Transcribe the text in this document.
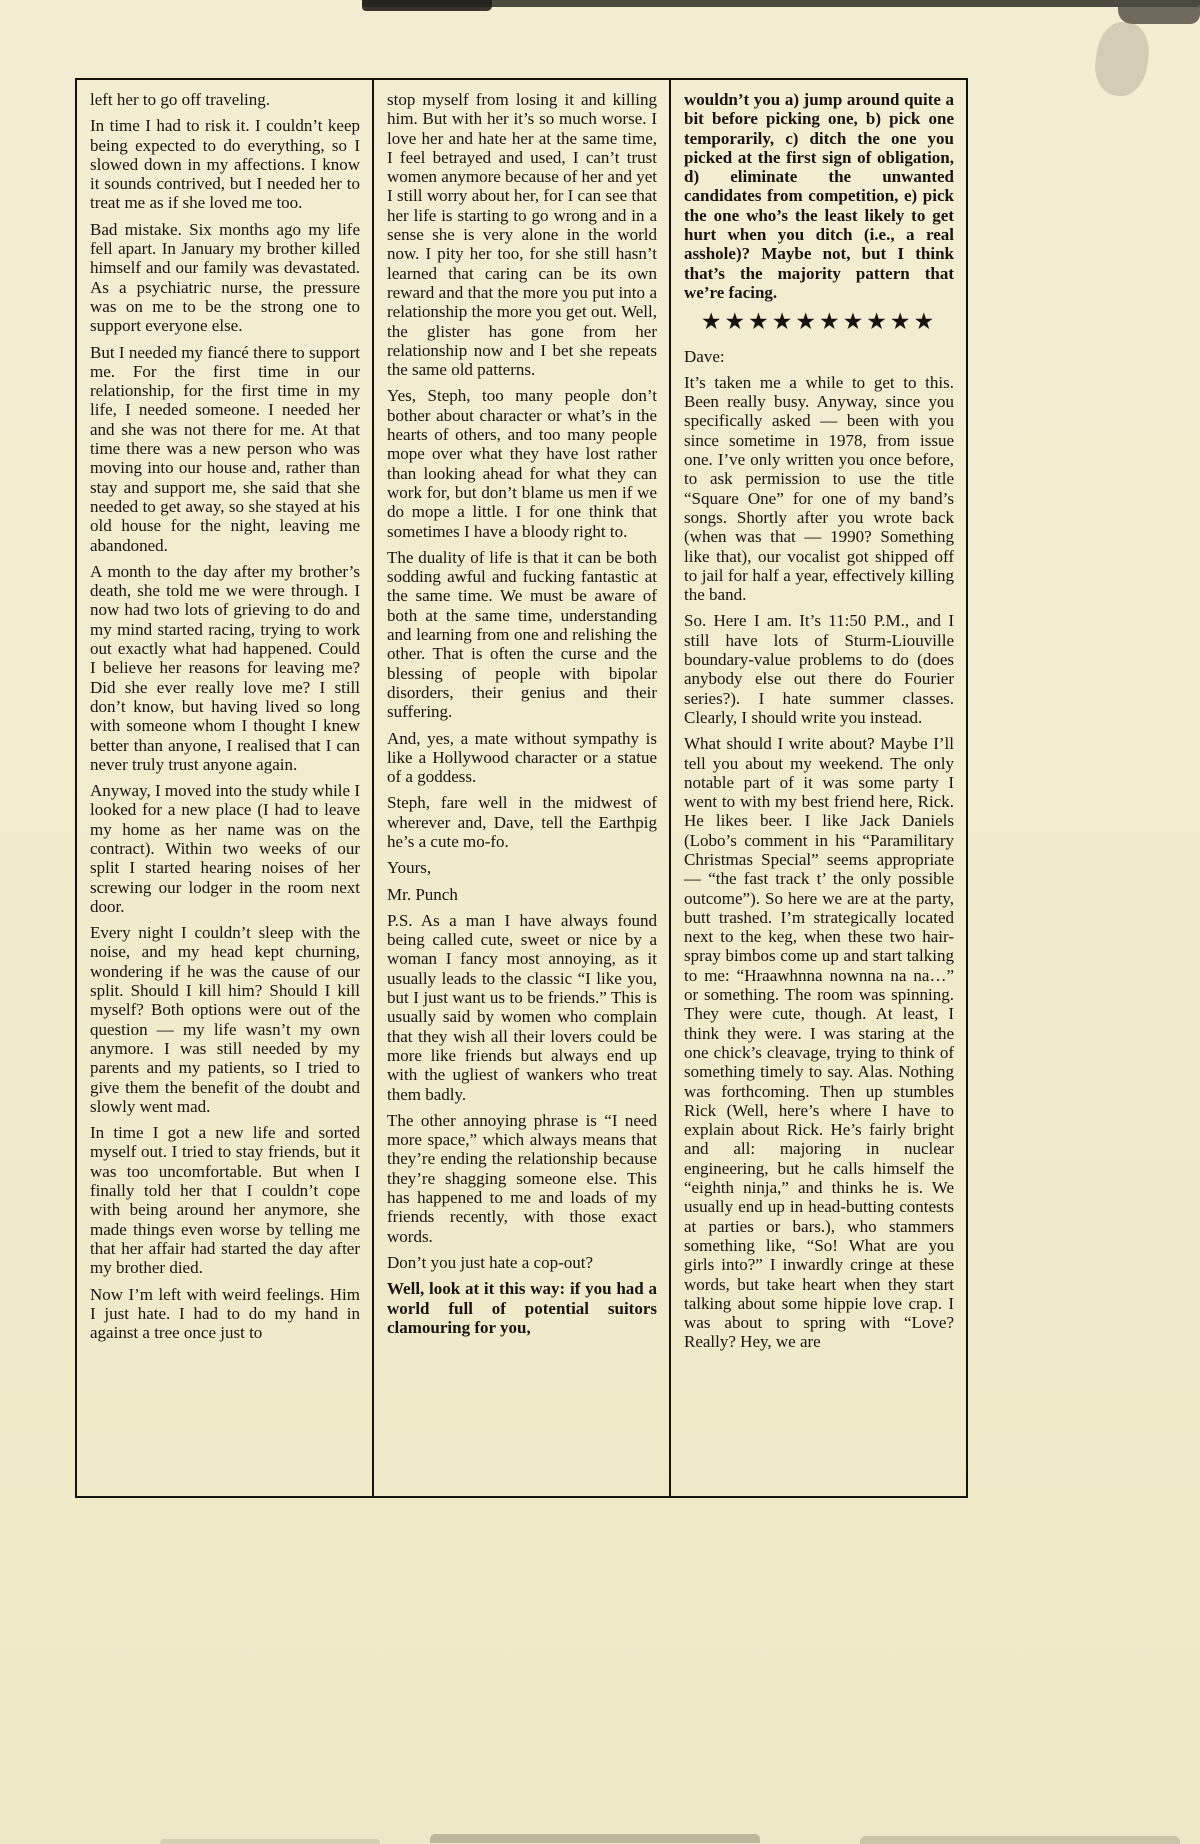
left her to go off traveling.

In time I had to risk it. I couldn’t keep being expected to do everything, so I slowed down in my affections. I know it sounds contrived, but I needed her to treat me as if she loved me too.

Bad mistake. Six months ago my life fell apart. In January my brother killed himself and our family was devastated. As a psychiatric nurse, the pressure was on me to be the strong one to support everyone else.

But I needed my fiancé there to support me. For the first time in our relationship, for the first time in my life, I needed someone. I needed her and she was not there for me. At that time there was a new person who was moving into our house and, rather than stay and support me, she said that she needed to get away, so she stayed at his old house for the night, leaving me abandoned.

A month to the day after my brother’s death, she told me we were through. I now had two lots of grieving to do and my mind started racing, trying to work out exactly what had happened. Could I believe her reasons for leaving me? Did she ever really love me? I still don’t know, but having lived so long with someone whom I thought I knew better than anyone, I realised that I can never truly trust anyone again.

Anyway, I moved into the study while I looked for a new place (I had to leave my home as her name was on the contract). Within two weeks of our split I started hearing noises of her screwing our lodger in the room next door.

Every night I couldn’t sleep with the noise, and my head kept churning, wondering if he was the cause of our split. Should I kill him? Should I kill myself? Both options were out of the question — my life wasn’t my own anymore. I was still needed by my parents and my patients, so I tried to give them the benefit of the doubt and slowly went mad.

In time I got a new life and sorted myself out. I tried to stay friends, but it was too uncomfortable. But when I finally told her that I couldn’t cope with being around her anymore, she made things even worse by telling me that her affair had started the day after my brother died.

Now I’m left with weird feelings. Him I just hate. I had to do my hand in against a tree once just to

stop myself from losing it and killing him. But with her it’s so much worse. I love her and hate her at the same time, I feel betrayed and used, I can’t trust women anymore because of her and yet I still worry about her, for I can see that her life is starting to go wrong and in a sense she is very alone in the world now. I pity her too, for she still hasn’t learned that caring can be its own reward and that the more you put into a relationship the more you get out. Well, the glister has gone from her relationship now and I bet she repeats the same old patterns.

Yes, Steph, too many people don’t bother about character or what’s in the hearts of others, and too many people mope over what they have lost rather than looking ahead for what they can work for, but don’t blame us men if we do mope a little. I for one think that sometimes I have a bloody right to.

The duality of life is that it can be both sodding awful and fucking fantastic at the same time. We must be aware of both at the same time, understanding and learning from one and relishing the other. That is often the curse and the blessing of people with bipolar disorders, their genius and their suffering.

And, yes, a mate without sympathy is like a Hollywood character or a statue of a goddess.

Steph, fare well in the midwest of wherever and, Dave, tell the Earthpig he’s a cute mo-fo.

Yours,

Mr. Punch

P.S. As a man I have always found being called cute, sweet or nice by a woman I fancy most annoying, as it usually leads to the classic “I like you, but I just want us to be friends.” This is usually said by women who complain that they wish all their lovers could be more like friends but always end up with the ugliest of wankers who treat them badly.

The other annoying phrase is “I need more space,” which always means that they’re ending the relationship because they’re shagging someone else. This has happened to me and loads of my friends recently, with those exact words.

Don’t you just hate a cop-out?

Well, look at it this way: if you had a world full of potential suitors clamouring for you,

wouldn’t you a) jump around quite a bit before picking one, b) pick one temporarily, c) ditch the one you picked at the first sign of obligation, d) eliminate the unwanted candidates from competition, e) pick the one who’s the least likely to get hurt when you ditch (i.e., a real asshole)? Maybe not, but I think that’s the majority pattern that we’re facing.

★★★★★★★★★★

Dave:

It’s taken me a while to get to this. Been really busy. Anyway, since you specifically asked — been with you since sometime in 1978, from issue one. I’ve only written you once before, to ask permission to use the title “Square One” for one of my band’s songs. Shortly after you wrote back (when was that — 1990? Something like that), our vocalist got shipped off to jail for half a year, effectively killing the band.

So. Here I am. It’s 11:50 P.M., and I still have lots of Sturm-Liouville boundary-value problems to do (does anybody else out there do Fourier series?). I hate summer classes. Clearly, I should write you instead.

What should I write about? Maybe I’ll tell you about my weekend. The only notable part of it was some party I went to with my best friend here, Rick. He likes beer. I like Jack Daniels (Lobo’s comment in his “Paramilitary Christmas Special” seems appropriate — “the fast track t’ the only possible outcome”). So here we are at the party, butt trashed. I’m strategically located next to the keg, when these two hair-spray bimbos come up and start talking to me: “Hraawhnna nownna na na…” or something. The room was spinning. They were cute, though. At least, I think they were. I was staring at the one chick’s cleavage, trying to think of something timely to say. Alas. Nothing was forthcoming. Then up stumbles Rick (Well, here’s where I have to explain about Rick. He’s fairly bright and all: majoring in nuclear engineering, but he calls himself the “eighth ninja,” and thinks he is. We usually end up in head-butting contests at parties or bars.), who stammers something like, “So! What are you girls into?” I inwardly cringe at these words, but take heart when they start talking about some hippie love crap. I was about to spring with “Love? Really? Hey, we are
